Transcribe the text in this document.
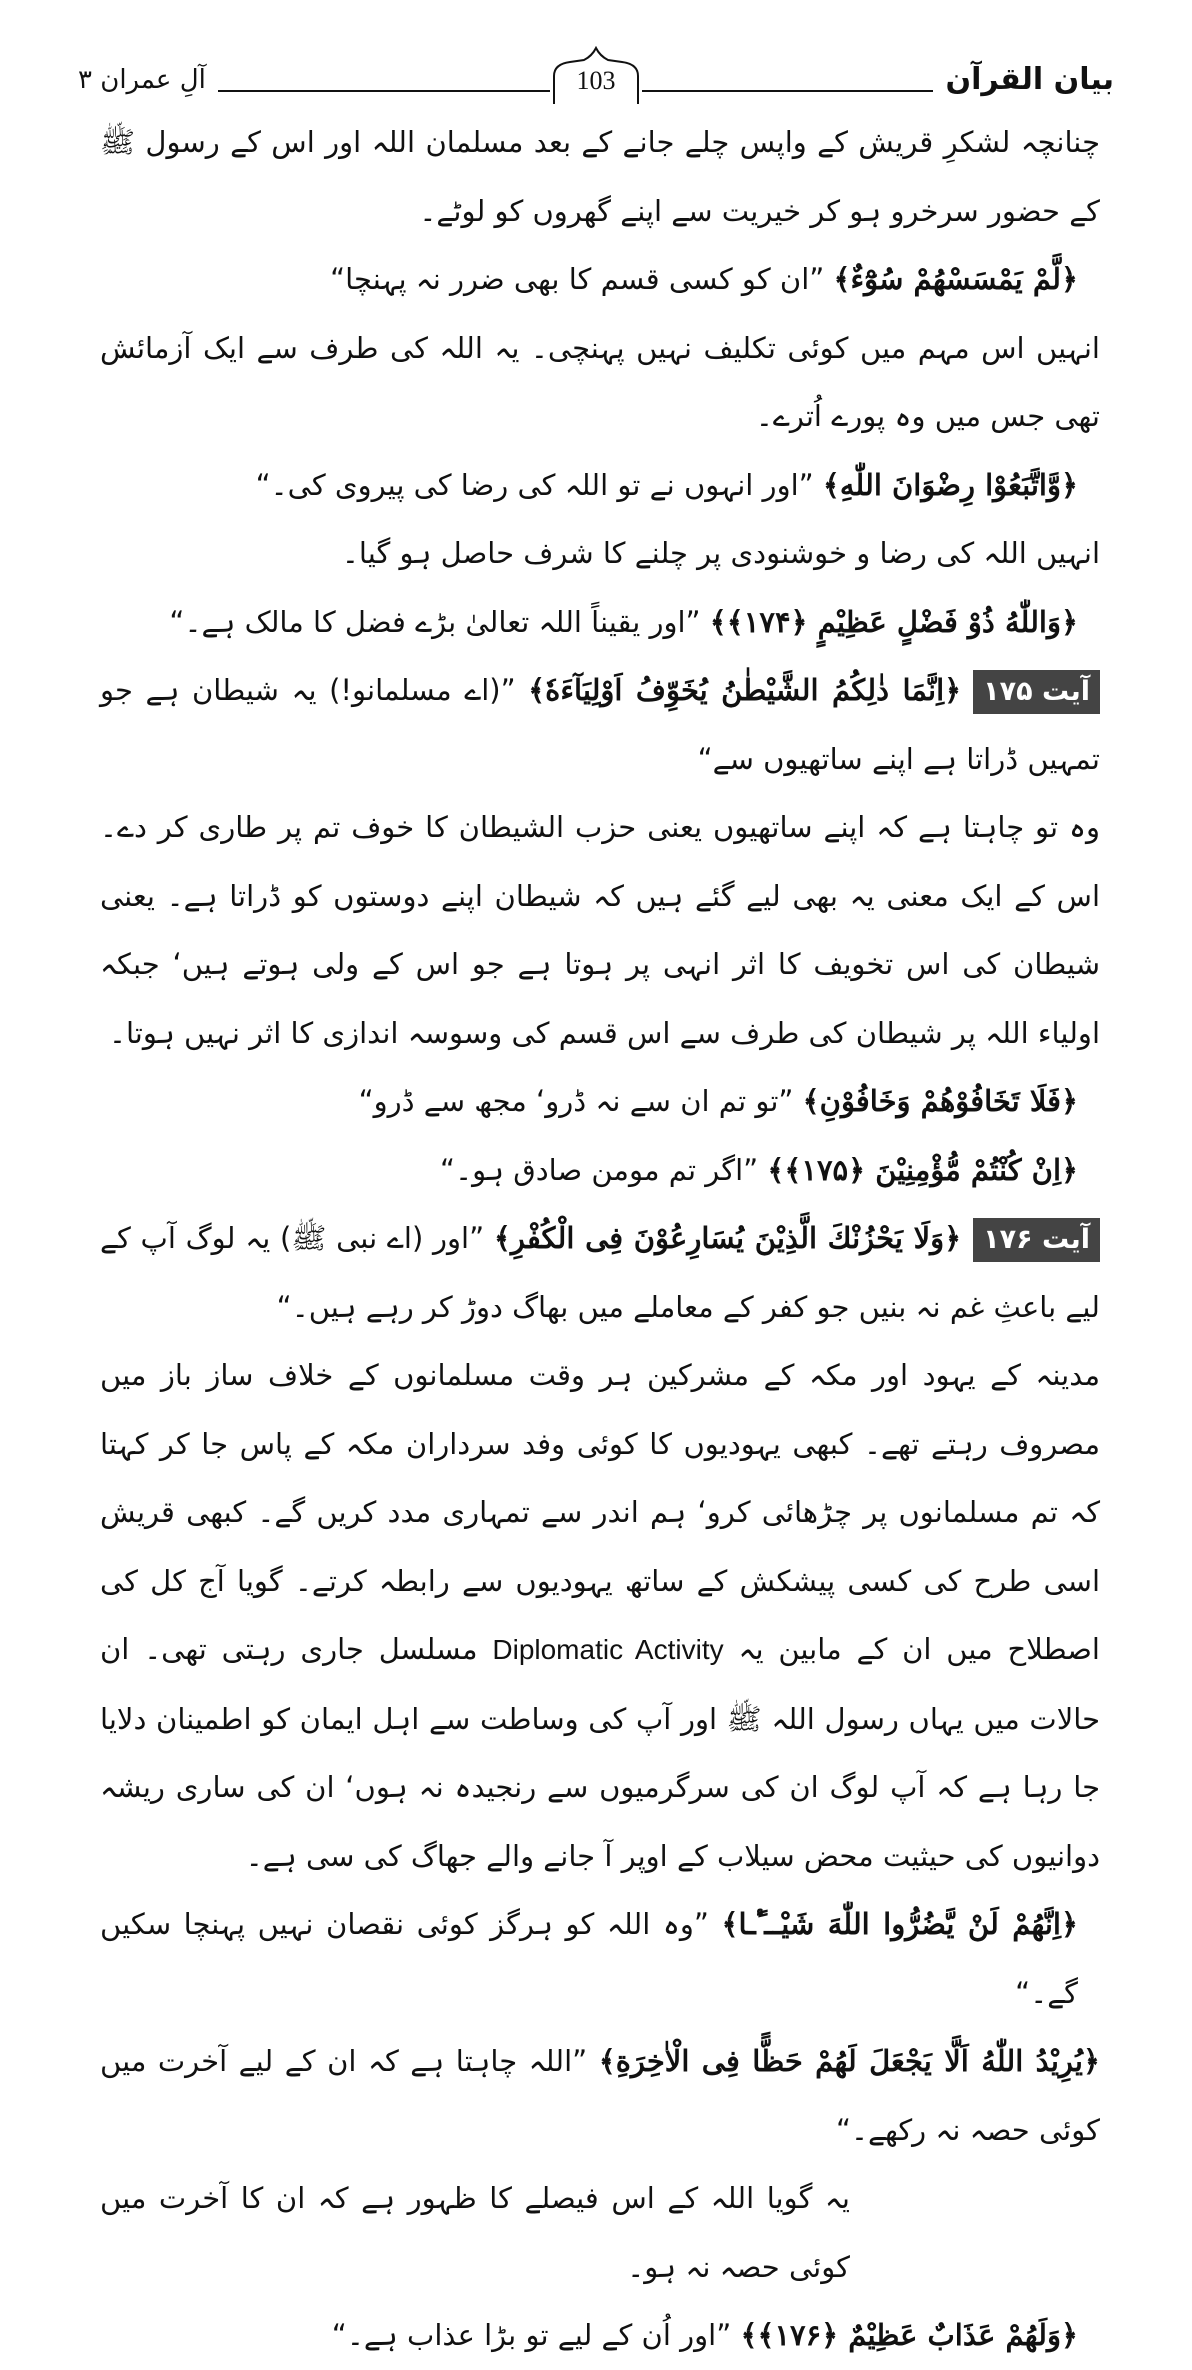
بیان القرآن
103
آلِ عمران ۳

چنانچہ لشکرِ قریش کے واپس چلے جانے کے بعد مسلمان اللہ اور اس کے رسول ﷺ کے حضور سرخرو ہو کر خیریت سے اپنے گھروں کو لوٹے۔

﴿لَّمْ یَمْسَسْهُمْ سُوْٓءٌ﴾ ”ان کو کسی قسم کا بھی ضرر نہ پہنچا“

انہیں اس مہم میں کوئی تکلیف نہیں پہنچی۔ یہ اللہ کی طرف سے ایک آزمائش تھی جس میں وہ پورے اُترے۔

﴿وَّاتَّبَعُوْا رِضْوَانَ اللّٰهِ﴾ ”اور انہوں نے تو اللہ کی رضا کی پیروی کی۔“

انہیں اللہ کی رضا و خوشنودی پر چلنے کا شرف حاصل ہو گیا۔

﴿وَاللّٰهُ ذُوْ فَضْلٍ عَظِیْمٍ ﴿۱۷۴﴾﴾ ”اور یقیناً اللہ تعالیٰ بڑے فضل کا مالک ہے۔“

آیت ۱۷۵﴿اِنَّمَا ذٰلِكُمُ الشَّیْطٰنُ یُخَوِّفُ اَوْلِیَآءَهٗ﴾ ”(اے مسلمانو!) یہ شیطان ہے جو تمہیں ڈراتا ہے اپنے ساتھیوں سے“

وہ تو چاہتا ہے کہ اپنے ساتھیوں یعنی حزب الشیطان کا خوف تم پر طاری کر دے۔ اس کے ایک معنی یہ بھی لیے گئے ہیں کہ شیطان اپنے دوستوں کو ڈراتا ہے۔ یعنی شیطان کی اس تخویف کا اثر انہی پر ہوتا ہے جو اس کے ولی ہوتے ہیں‘ جبکہ اولیاء اللہ پر شیطان کی طرف سے اس قسم کی وسوسہ اندازی کا اثر نہیں ہوتا۔

﴿فَلَا تَخَافُوْهُمْ وَخَافُوْنِ﴾ ”تو تم ان سے نہ ڈرو‘ مجھ سے ڈرو“

﴿اِنْ كُنْتُمْ مُّؤْمِنِیْنَ ﴿۱۷۵﴾﴾ ”اگر تم مومن صادق ہو۔“

آیت ۱۷۶﴿وَلَا یَحْزُنْكَ الَّذِیْنَ یُسَارِعُوْنَ فِی الْكُفْرِ﴾ ”اور (اے نبی ﷺ) یہ لوگ آپ کے لیے باعثِ غم نہ بنیں جو کفر کے معاملے میں بھاگ دوڑ کر رہے ہیں۔“

مدینہ کے یہود اور مکہ کے مشرکین ہر وقت مسلمانوں کے خلاف ساز باز میں مصروف رہتے تھے۔ کبھی یہودیوں کا کوئی وفد سرداران مکہ کے پاس جا کر کہتا کہ تم مسلمانوں پر چڑھائی کرو‘ ہم اندر سے تمہاری مدد کریں گے۔ کبھی قریش اسی طرح کی کسی پیشکش کے ساتھ یہودیوں سے رابطہ کرتے۔ گویا آج کل کی اصطلاح میں ان کے مابین یہ Diplomatic Activity مسلسل جاری رہتی تھی۔ ان حالات میں یہاں رسول اللہ ﷺ اور آپ کی وساطت سے اہل ایمان کو اطمینان دلایا جا رہا ہے کہ آپ لوگ ان کی سرگرمیوں سے رنجیدہ نہ ہوں‘ ان کی ساری ریشہ دوانیوں کی حیثیت محض سیلاب کے اوپر آ جانے والے جھاگ کی سی ہے۔

﴿اِنَّهُمْ لَنْ یَّضُرُّوا اللّٰهَ شَیْــٴًـا﴾ ”وہ اللہ کو ہرگز کوئی نقصان نہیں پہنچا سکیں گے۔“

﴿یُرِیْدُ اللّٰهُ اَلَّا یَجْعَلَ لَهُمْ حَظًّا فِی الْاٰخِرَةِ﴾ ”اللہ چاہتا ہے کہ ان کے لیے آخرت میں کوئی حصہ نہ رکھے۔“

یہ گویا اللہ کے اس فیصلے کا ظہور ہے کہ ان کا آخرت میں کوئی حصہ نہ ہو۔

﴿وَلَهُمْ عَذَابٌ عَظِیْمٌ ﴿۱۷۶﴾﴾ ”اور اُن کے لیے تو بڑا عذاب ہے۔“
